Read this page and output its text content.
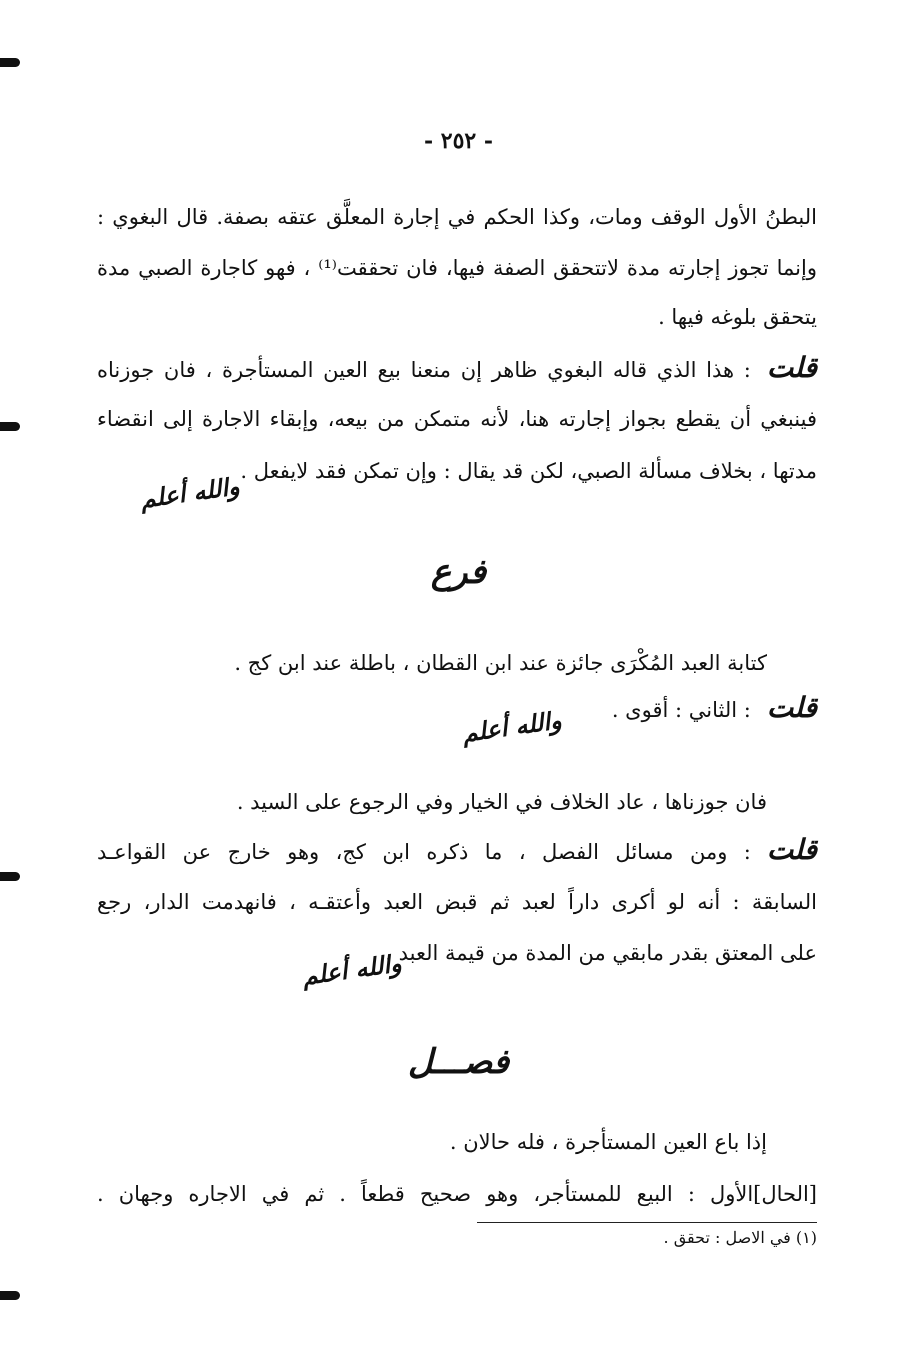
- ٢٥٢ -
البطنُ الأول الوقف ومات، وكذا الحكم في إجارة المعلَّق عتقه بصفة. قال البغوي :
وإنما تجوز إجارته مدة لاتتحقق الصفة فيها، فان تحققت⁽¹⁾ ، فهو كاجارة الصبي مدة
يتحقق بلوغه فيها .
قلت: هذا الذي قاله البغوي ظاهر إن منعنا بيع العين المستأجرة ، فان جوزناه
فينبغي أن يقطع بجواز إجارته هنا، لأنه متمكن من بيعه، وإبقاء الاجارة إلى انقضاء
مدتها ، بخلاف مسألة الصبي، لكن قد يقال : وإن تمكن فقد لايفعل .
والله أعلم
فرع
كتابة العبد المُكْرَى جائزة عند ابن القطان ، باطلة عند ابن كج .
قلت: الثاني : أقوى .
والله أعلم
فان جوزناها ، عاد الخلاف في الخيار وفي الرجوع على السيد .
قلت: ومن مسائل الفصل ، ما ذكره ابن كج، وهو خارج عن القواعـد
السابقة : أنه لو أكرى داراً لعبد ثم قبض العبد وأعتقـه ، فانهدمت الدار، رجع
على المعتق بقدر مابقي من المدة من قيمة العبد .
والله أعلم
فصـــل
إذا باع العين المستأجرة ، فله حالان .
[الحال]الأول : البيع للمستأجر، وهو صحيح قطعاً . ثم في الاجاره وجهان .
(١) في الاصل : تحقق .
